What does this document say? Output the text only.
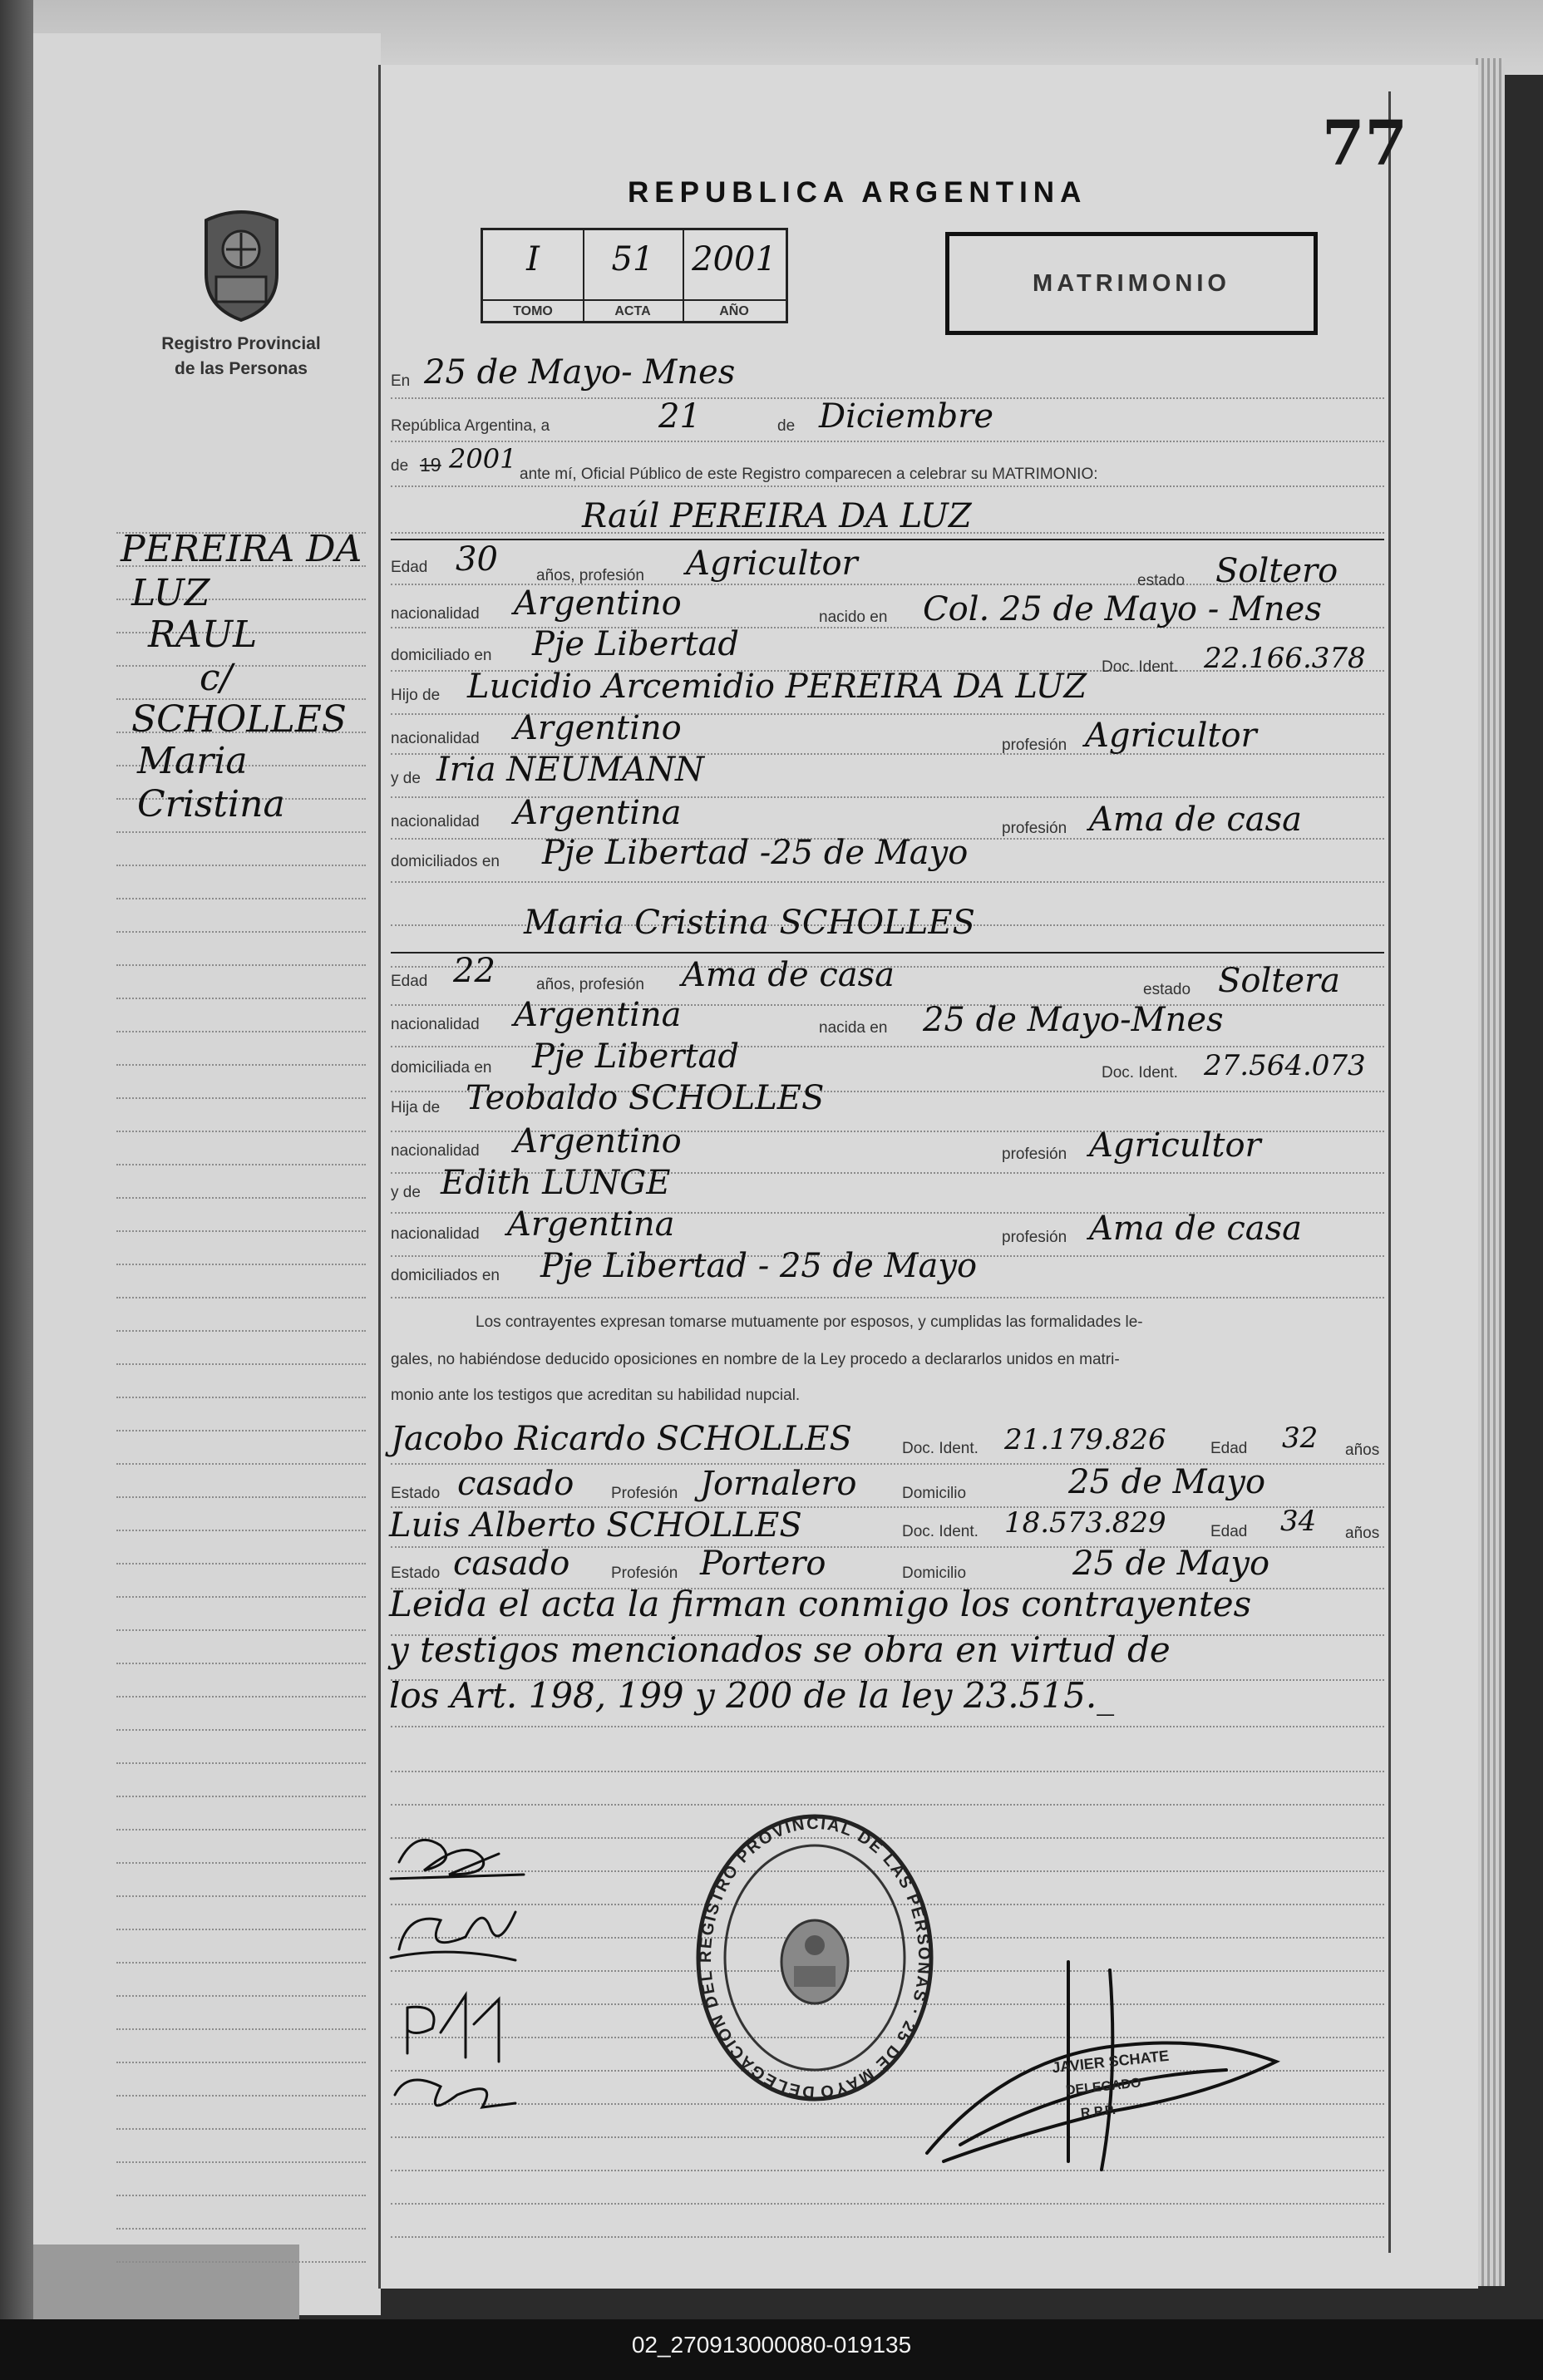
Registro Provincial
de las Personas
PEREIRA DA
LUZ
RAUL
c/
SCHOLLES
Maria
Cristina
77
REPUBLICA ARGENTINA
I
TOMO
51
ACTA
2001
AÑO
MATRIMONIO
En 25 de Mayo- Mnes
República Argentina, a	21	de Diciembre
de 19 2001 ante mí, Oficial Público de este Registro comparecen a celebrar su MATRIMONIO:
Raúl PEREIRA DA LUZ
Edad 30 años, profesión Agricultor	estado Soltero
nacionalidad Argentino	nacido en Col. 25 de Mayo - Mnes
domiciliado en Pje Libertad
Doc. Ident. 22.166.378
Hijo de Lucidio Arcemidio PEREIRA DA LUZ
nacionalidad Argentino	profesión Agricultor
y de Iria NEUMANN
nacionalidad Argentina	profesión Ama de casa
domiciliados en Pje Libertad -25 de Mayo
Maria Cristina SCHOLLES
Edad 22	años, profesión Ama de casa	estado Soltera
nacionalidad Argentina	nacida en 25 de Mayo-Mnes
domiciliada en Pje Libertad	Doc. Ident. 27.564.073
Hija de Teobaldo SCHOLLES
nacionalidad Argentino	profesión Agricultor
y de Edith LUNGE
nacionalidad Argentina	profesión Ama de casa
domiciliados en Pje Libertad - 25 de Mayo
Los contrayentes expresan tomarse mutuamente por esposos, y cumplidas las formalidades le-
gales, no habiéndose deducido oposiciones en nombre de la Ley procedo a declararlos unidos en matri-
monio ante los testigos que acreditan su habilidad nupcial.
Jacobo Ricardo SCHOLLES	Doc. Ident. 21.179.826	Edad 32 años
Estado casado Profesión Jornalero	Domicilio	25 de Mayo
Luis Alberto SCHOLLES	Doc. Ident. 18.573.829	Edad 34 años
Estado casado	Profesión Portero	Domicilio	25 de Mayo
Leida el acta la firman conmigo los contrayentes
y testigos mencionados se obra en virtud de
los Art. 198, 199 y 200 de la ley 23.515._
JAVIER SCHATE
DELEGADO
R.P.P.
DELEGACION DEL REGISTRO PROVINCIAL DE LAS PERSONAS · 25 DE MAYO
02_270913000080-019135
